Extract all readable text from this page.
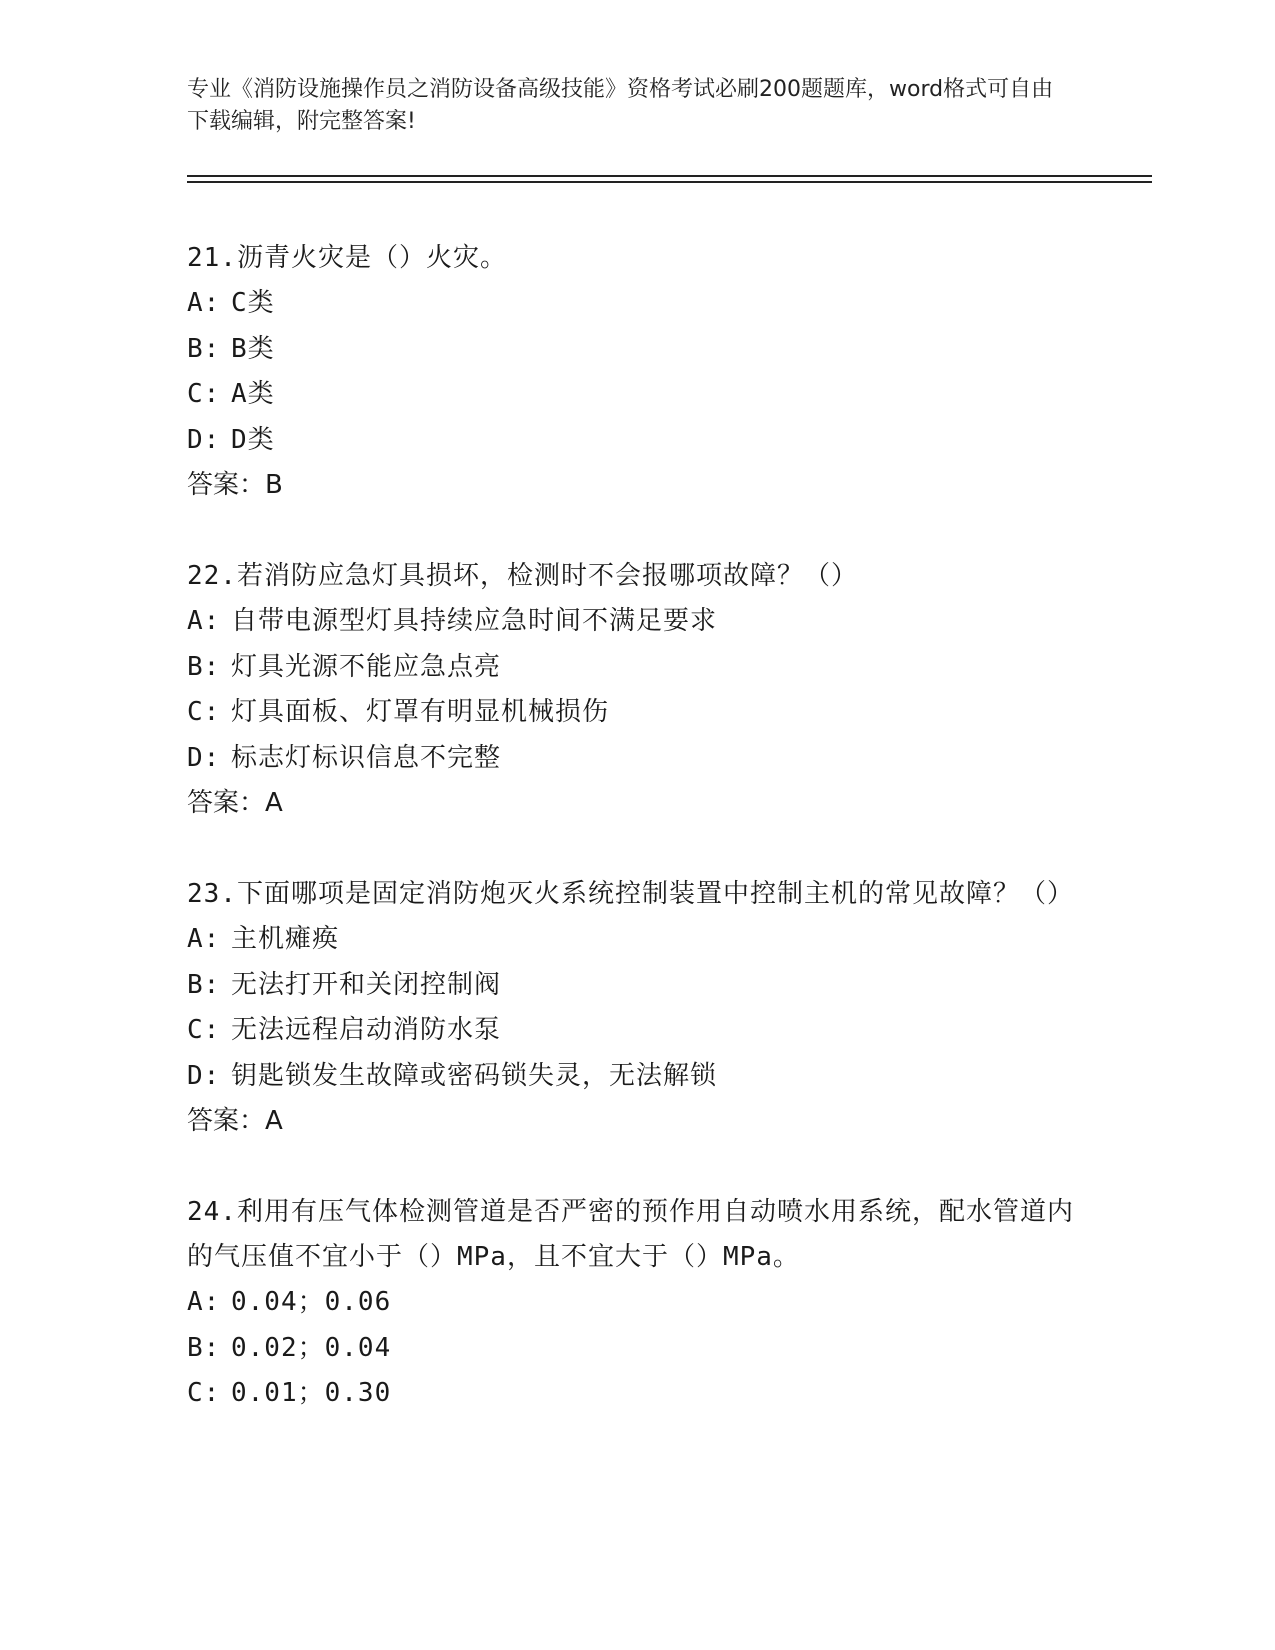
专业《消防设施操作员之消防设备高级技能》资格考试必刷200题题库，word格式可自由下载编辑，附完整答案!
21.沥青火灾是（）火灾。
A: C类
B: B类
C: A类
D: D类
答案：B
22.若消防应急灯具损坏，检测时不会报哪项故障？（）
A: 自带电源型灯具持续应急时间不满足要求
B: 灯具光源不能应急点亮
C: 灯具面板、灯罩有明显机械损伤
D: 标志灯标识信息不完整
答案：A
23.下面哪项是固定消防炮灭火系统控制装置中控制主机的常见故障？（）
A: 主机瘫痪
B: 无法打开和关闭控制阀
C: 无法远程启动消防水泵
D: 钥匙锁发生故障或密码锁失灵，无法解锁
答案：A
24.利用有压气体检测管道是否严密的预作用自动喷水用系统，配水管道内的气压值不宜小于（）MPa，且不宜大于（）MPa。
A: 0.04；0.06
B: 0.02；0.04
C: 0.01；0.30
